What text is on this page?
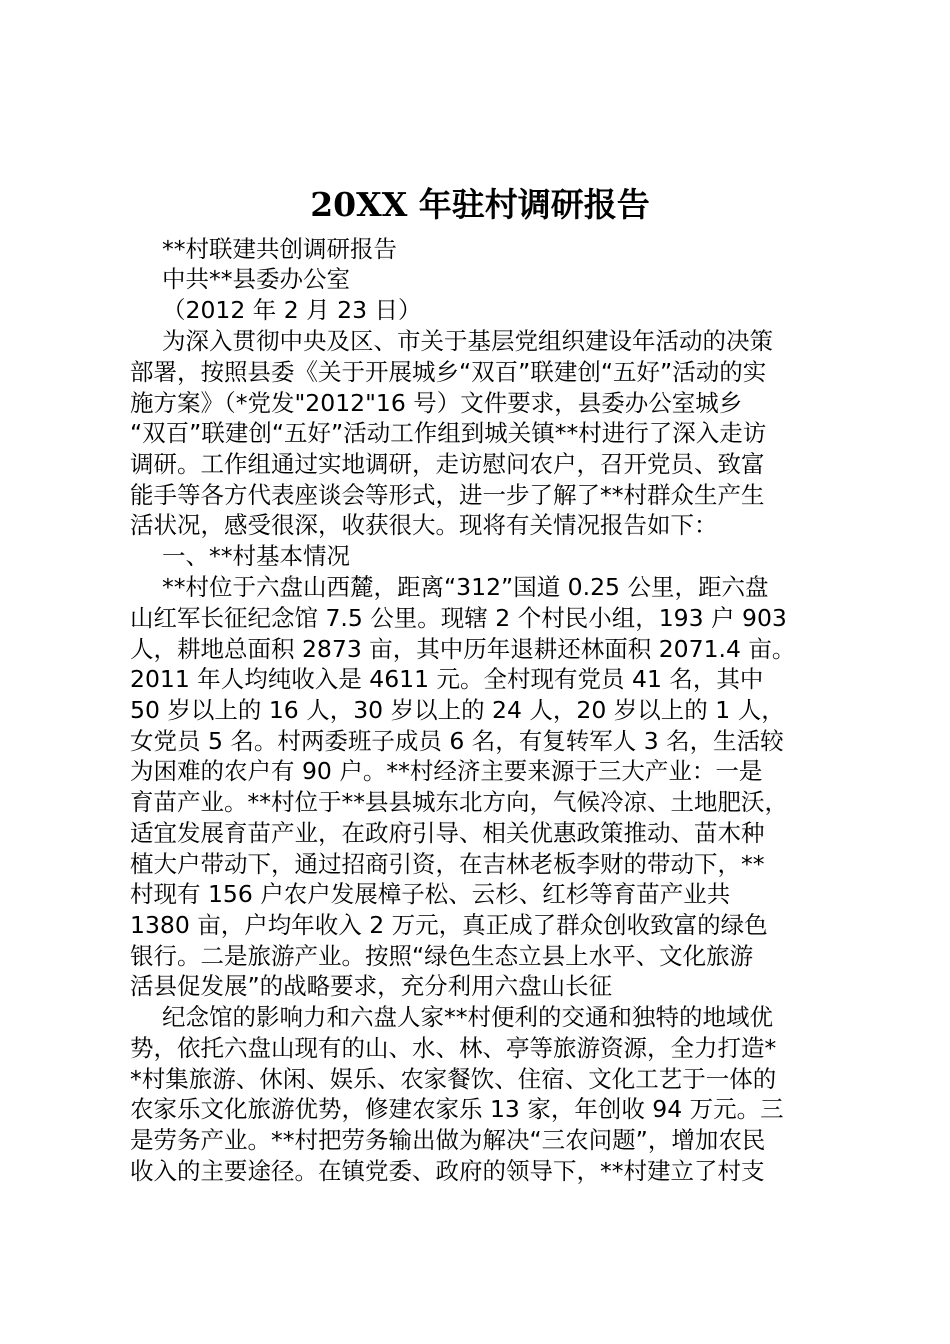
20XX 年驻村调研报告
**村联建共创调研报告
中共**县委办公室
（2012 年 2 月 23 日）
为深入贯彻中央及区、市关于基层党组织建设年活动的决策
部署，按照县委《关于开展城乡“双百”联建创“五好”活动的实
施方案》（*党发"2012"16 号）文件要求，县委办公室城乡
“双百”联建创“五好”活动工作组到城关镇**村进行了深入走访
调研。工作组通过实地调研，走访慰问农户，召开党员、致富
能手等各方代表座谈会等形式，进一步了解了**村群众生产生
活状况，感受很深，收获很大。现将有关情况报告如下：
一、**村基本情况
**村位于六盘山西麓，距离“312”国道 0.25 公里，距六盘
山红军长征纪念馆 7.5 公里。现辖 2 个村民小组，193 户 903
人，耕地总面积 2873 亩，其中历年退耕还林面积 2071.4 亩。
2011 年人均纯收入是 4611 元。全村现有党员 41 名，其中
50 岁以上的 16 人，30 岁以上的 24 人，20 岁以上的 1 人，
女党员 5 名。村两委班子成员 6 名，有复转军人 3 名，生活较
为困难的农户有 90 户。**村经济主要来源于三大产业：一是
育苗产业。**村位于**县县城东北方向，气候冷凉、土地肥沃，
适宜发展育苗产业，在政府引导、相关优惠政策推动、苗木种
植大户带动下，通过招商引资，在吉林老板李财的带动下，**
村现有 156 户农户发展樟子松、云杉、红杉等育苗产业共
1380 亩，户均年收入 2 万元，真正成了群众创收致富的绿色
银行。二是旅游产业。按照“绿色生态立县上水平、文化旅游
活县促发展”的战略要求，充分利用六盘山长征
纪念馆的影响力和六盘人家**村便利的交通和独特的地域优
势，依托六盘山现有的山、水、林、亭等旅游资源，全力打造*
*村集旅游、休闲、娱乐、农家餐饮、住宿、文化工艺于一体的
农家乐文化旅游优势，修建农家乐 13 家，年创收 94 万元。三
是劳务产业。**村把劳务输出做为解决“三农问题”，增加农民
收入的主要途径。在镇党委、政府的领导下，**村建立了村支
